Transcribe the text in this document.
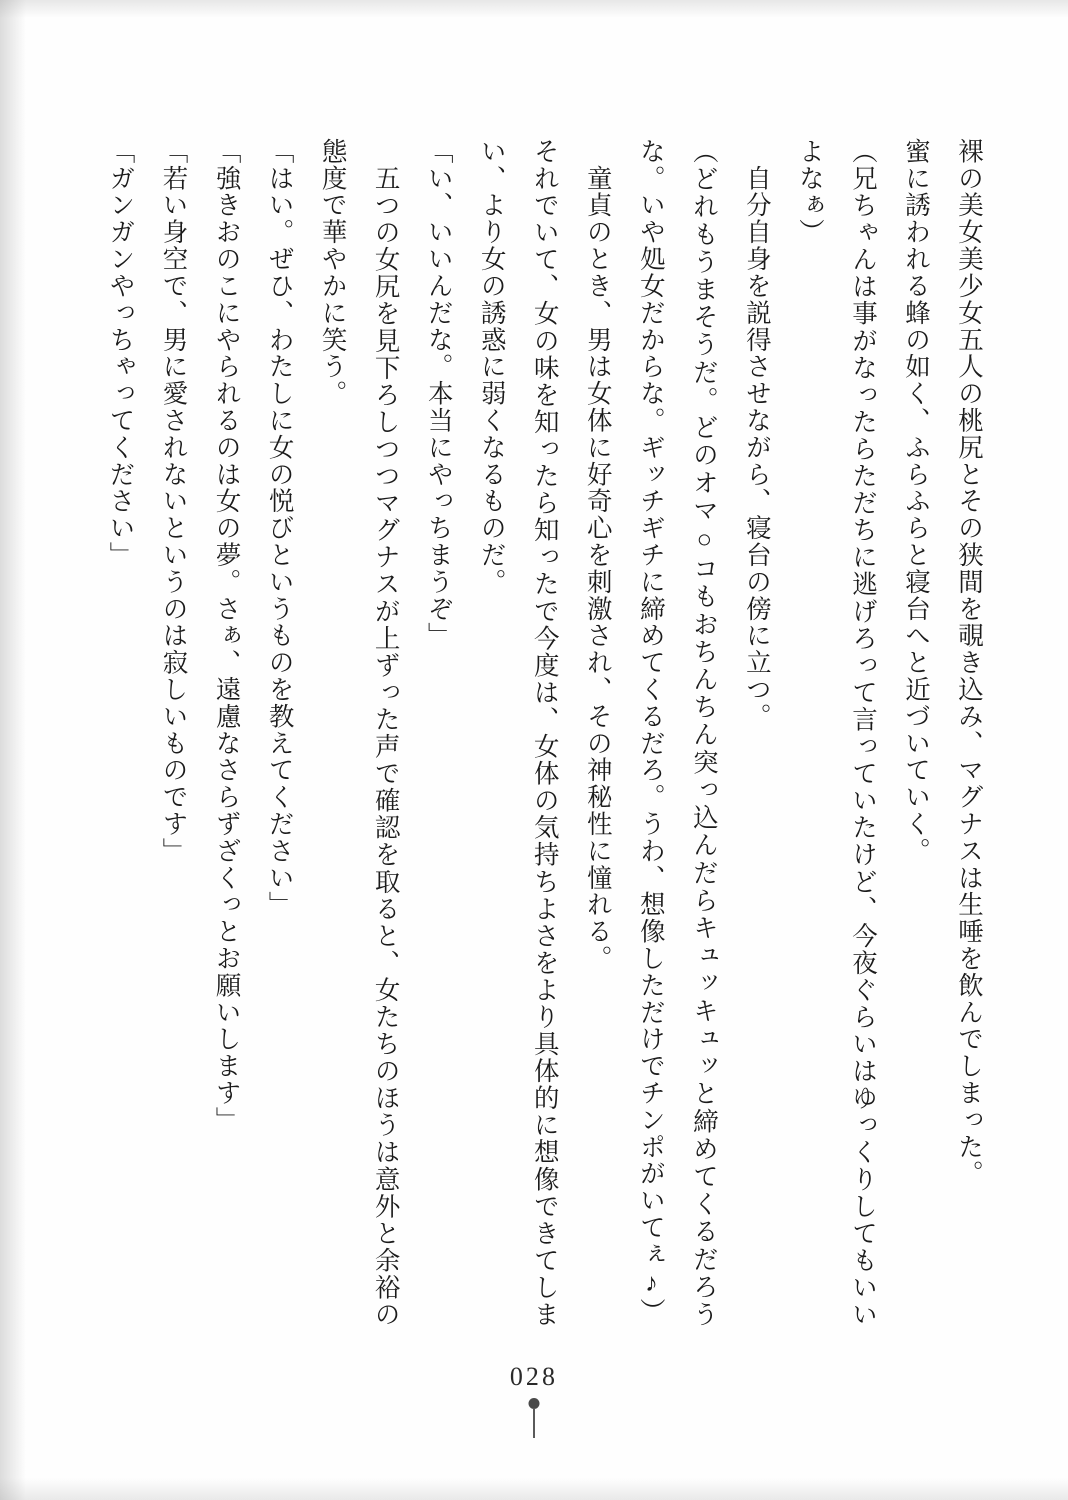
裸の美女美少女五人の桃尻とその狭間を覗き込み、マグナスは生唾を飲んでしまった。

蜜に誘われる蜂の如く、ふらふらと寝台へと近づいていく。

（兄ちゃんは事がなったらただちに逃げろって言っていたけど、今夜ぐらいはゆっくりしてもいいよなぁ）

　自分自身を説得させながら、寝台の傍に立つ。

（どれもうまそうだ。どのオマ○コもおちんちん突っ込んだらキュッキュッと締めてくるだろうな。いや処女だからな。ギッチギチに締めてくるだろ。うわ、想像しただけでチンポがいてぇ♪）

　童貞のとき、男は女体に好奇心を刺激され、その神秘性に憧れる。

それでいて、女の味を知ったら知ったで今度は、女体の気持ちよさをより具体的に想像できてしまい、より女の誘惑に弱くなるものだ。

「い、いいんだな。本当にやっちまうぞ」

　五つの女尻を見下ろしつつマグナスが上ずった声で確認を取ると、女たちのほうは意外と余裕の態度で華やかに笑う。

「はい。ぜひ、わたしに女の悦びというものを教えてください」

「強きおのこにやられるのは女の夢。さぁ、遠慮なさらずざくっとお願いします」

「若い身空で、男に愛されないというのは寂しいものです」

「ガンガンやっちゃってください」

028
